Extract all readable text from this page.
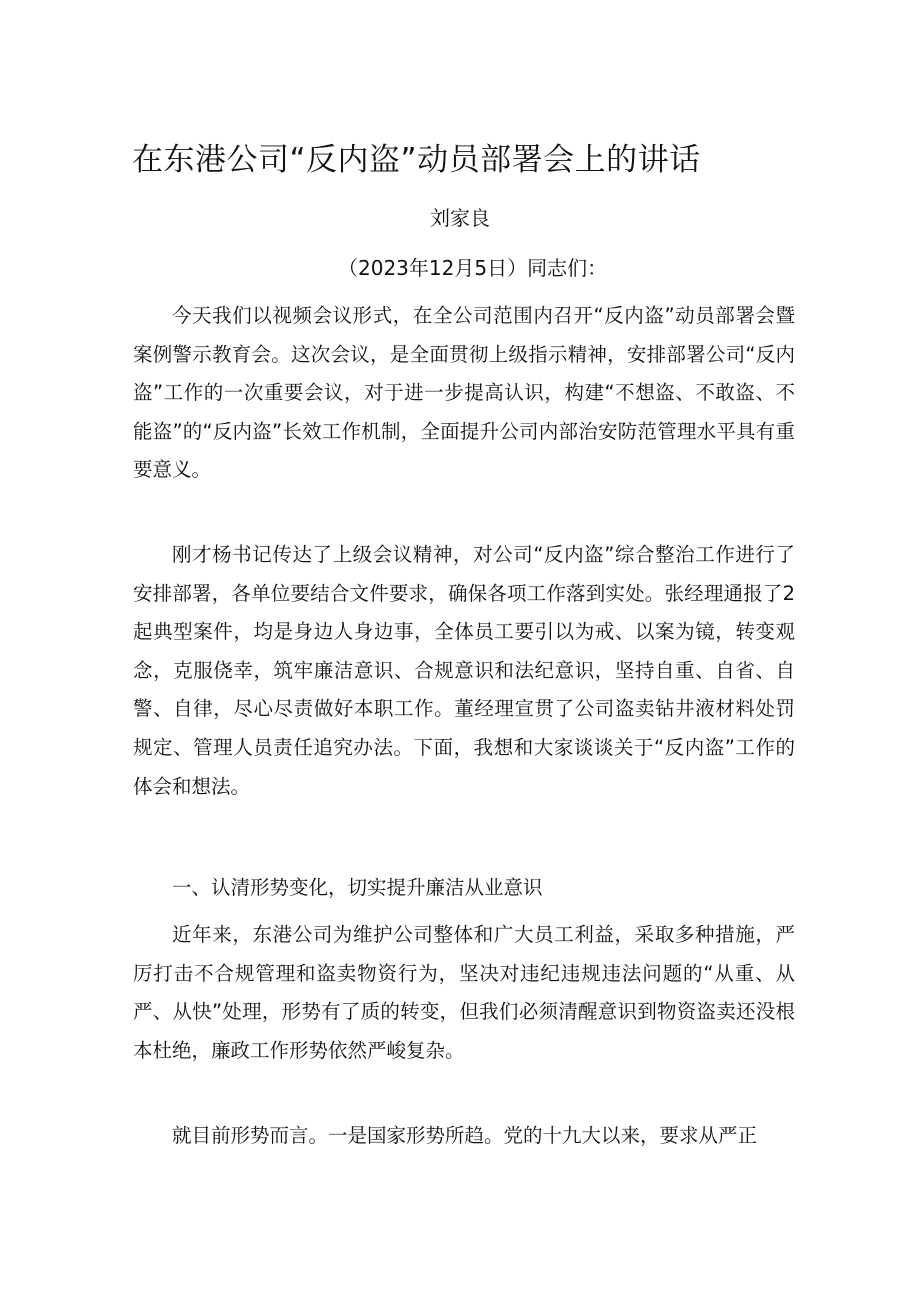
在东港公司“反内盗”动员部署会上的讲话
刘家良
（2023年12月5日）同志们：

今天我们以视频会议形式，在全公司范围内召开“反内盗”动员部署会暨案例警示教育会。这次会议，是全面贯彻上级指示精神，安排部署公司“反内盗”工作的一次重要会议，对于进一步提高认识，构建“不想盗、不敢盗、不能盗”的“反内盗”长效工作机制，全面提升公司内部治安防范管理水平具有重要意义。

刚才杨书记传达了上级会议精神，对公司“反内盗”综合整治工作进行了安排部署，各单位要结合文件要求，确保各项工作落到实处。张经理通报了2起典型案件，均是身边人身边事，全体员工要引以为戒、以案为镜，转变观念，克服侥幸，筑牢廉洁意识、合规意识和法纪意识，坚持自重、自省、自警、自律，尽心尽责做好本职工作。董经理宣贯了公司盗卖钻井液材料处罚规定、管理人员责任追究办法。下面，我想和大家谈谈关于“反内盗”工作的体会和想法。

一、认清形势变化，切实提升廉洁从业意识

近年来，东港公司为维护公司整体和广大员工利益，采取多种措施，严厉打击不合规管理和盗卖物资行为，坚决对违纪违规违法问题的“从重、从严、从快”处理，形势有了质的转变，但我们必须清醒意识到物资盗卖还没根本杜绝，廉政工作形势依然严峻复杂。

就目前形势而言。一是国家形势所趋。党的十九大以来，要求从严正
